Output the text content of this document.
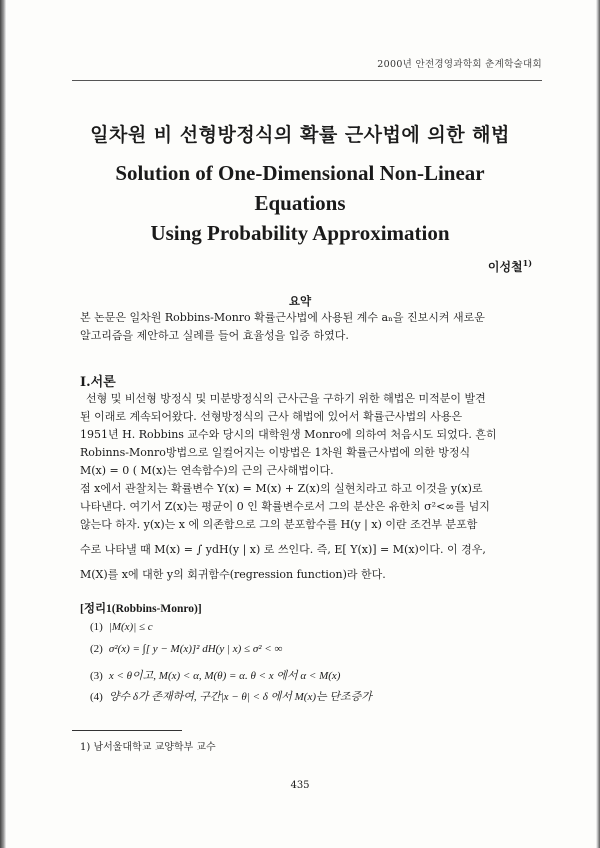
2000년 안전경영과학회 춘계학술대회
일차원 비 선형방정식의 확률 근사법에 의한 해법
Solution of One-Dimensional Non-Linear
Equations
Using Probability Approximation
이성철$^{1)}$
요약
본 논문은 일차원 Robbins-Monro 확률근사법에 사용된 계수 aₙ을 진보시켜 새로운
알고리즘을 제안하고 실례를 들어 효율성을 입증 하였다.
Ⅰ.서론
선형 및 비선형 방정식 및 미분방정식의 근사근을 구하기 위한 해법은 미적분이 발견
된 이래로 계속되어왔다. 선형방정식의 근사 해법에 있어서 확률근사법의 사용은
1951년 H. Robbins 교수와 당시의 대학원생 Monro에 의하여 처음시도 되었다. 흔히
Robinns-Monro방법으로 일컬어지는 이방법은 1차원 확률근사법에 의한 방정식
M(x) = 0 ( M(x)는 연속함수)의 근의 근사해법이다.
점 x에서 관찰치는 확률변수 Y(x) = M(x) + Z(x)의 실현치라고 하고 이것을 y(x)로
나타낸다. 여기서 Z(x)는 평균이 0 인 확률변수로서 그의 분산은 유한치 σ²<∞를 넘지
않는다 하자. y(x)는 x 에 의존함으로 그의 분포함수를 H(y | x) 이란 조건부 분포함
수로 나타낼 때 M(x) = ∫ ydH(y | x) 로 쓰인다. 즉, E[ Y(x)] = M(x)이다. 이 경우,
M(X)를 x에 대한 y의 회귀함수(regression function)라 한다.
[정리1(Robbins-Monro)]
(1) |M(x)| ≤ c
(2) σ²(x) = ∫[ y − M(x)]² dH(y | x) ≤ σ² < ∞
(3) x < θ이고, M(x) < α, M(θ) = α. θ < x 에서 α < M(x)
(4) 양수 δ가 존재하여, 구간|x − θ| < δ 에서 M(x)는 단조증가
1) 남서울대학교 교양학부 교수
435
